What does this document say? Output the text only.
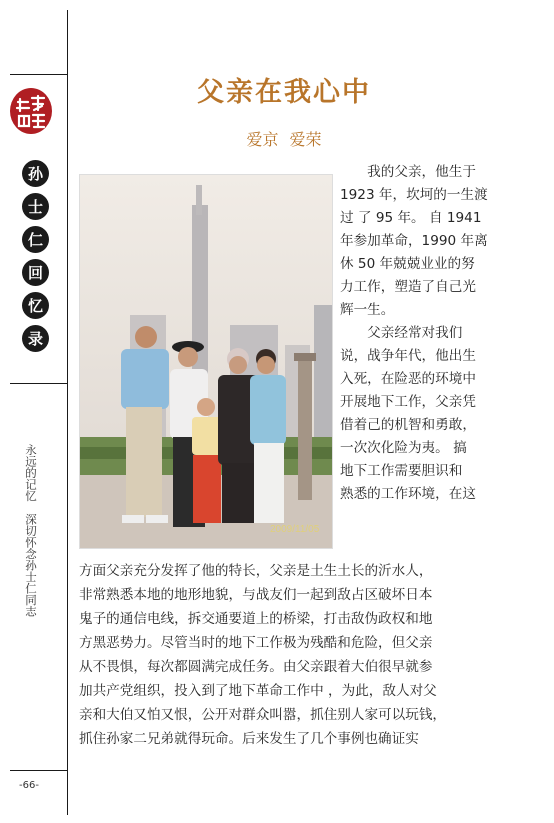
孙
士
仁
回
忆
录
永远的记忆深切怀念孙士仁同志
-66-
父亲在我心中
爱京 爱荣
2009/11/05
　　我的父亲，他生于
1923 年，坎坷的一生渡
过 了 95 年。 自 1941
年参加革命，1990 年离
休 50 年兢兢业业的努
力工作，塑造了自己光
辉一生。
　　父亲经常对我们
说，战争年代，他出生
入死，在险恶的环境中
开展地下工作，父亲凭
借着己的机智和勇敢，
一次次化险为夷。 搞
地下工作需要胆识和
熟悉的工作环境，在这
方面父亲充分发挥了他的特长，父亲是土生土长的沂水人，
非常熟悉本地的地形地貌，与战友们一起到敌占区破坏日本
鬼子的通信电线，拆交通要道上的桥梁，打击敌伪政权和地
方黑恶势力。尽管当时的地下工作极为残酷和危险，但父亲
从不畏惧，每次都圆满完成任务。由父亲跟着大伯很早就参
加共产党组织，投入到了地下革命工作中 ，为此，敌人对父
亲和大伯又怕又恨，公开对群众叫嚣，抓住别人家可以玩钱，
抓住孙家二兄弟就得玩命。后来发生了几个事例也确证实
